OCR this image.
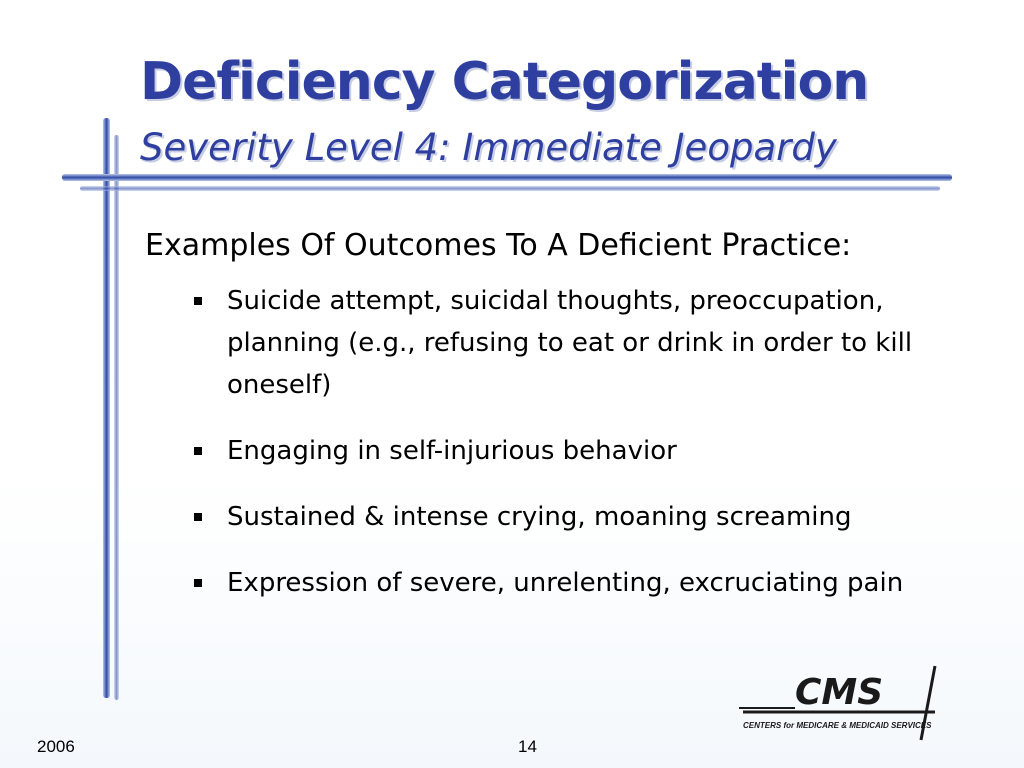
Deficiency Categorization
Severity Level 4: Immediate Jeopardy
Examples Of Outcomes To A Deficient Practice:
Suicide attempt, suicidal thoughts, preoccupation, planning (e.g., refusing to eat or drink in order to kill oneself)
Engaging in self-injurious behavior
Sustained & intense crying, moaning screaming
Expression of severe, unrelenting, excruciating pain
CMS
CENTERS for MEDICARE & MEDICAID SERVICES
2006	14
